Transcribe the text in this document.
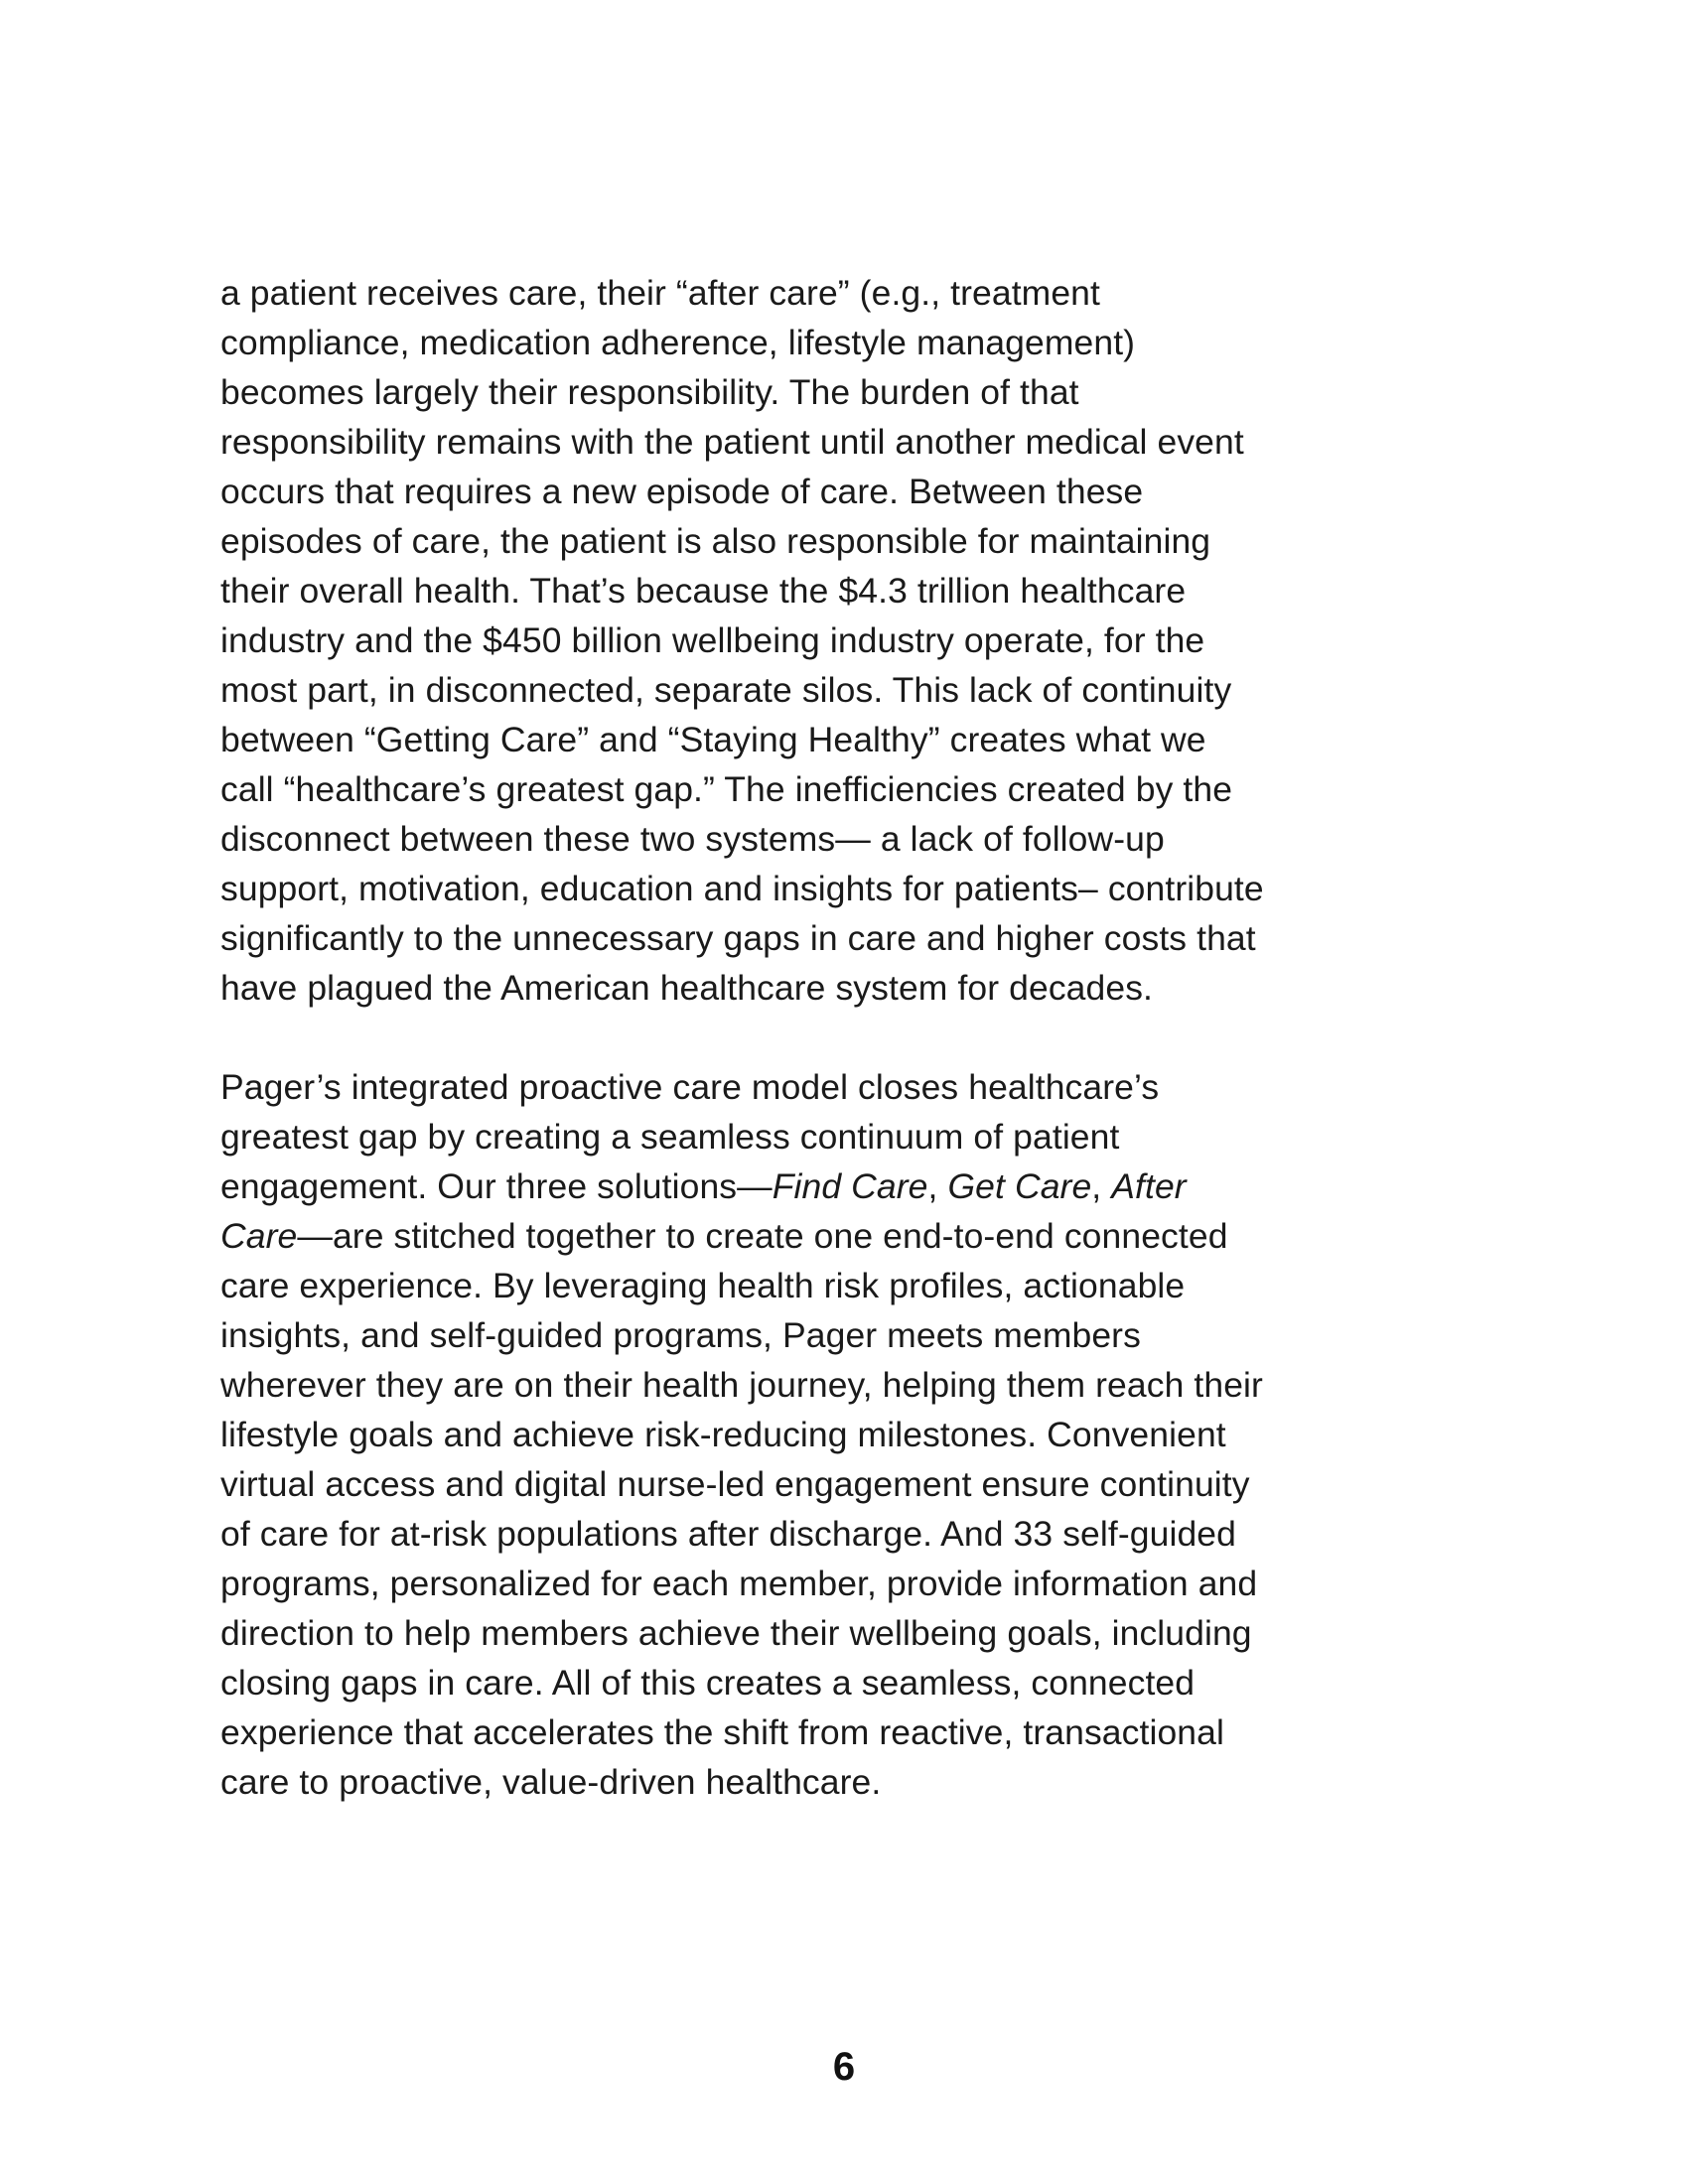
a patient receives care, their “after care” (e.g., treatment
compliance, medication adherence, lifestyle management)
becomes largely their responsibility. The burden of that
responsibility remains with the patient until another medical event
occurs that requires a new episode of care. Between these
episodes of care, the patient is also responsible for maintaining
their overall health. That’s because the $4.3 trillion healthcare
industry and the $450 billion wellbeing industry operate, for the
most part, in disconnected, separate silos. This lack of continuity
between “Getting Care” and “Staying Healthy” creates what we
call “healthcare’s greatest gap.” The inefficiencies created by the
disconnect between these two systems— a lack of follow-up
support, motivation, education and insights for patients– contribute
significantly to the unnecessary gaps in care and higher costs that
have plagued the American healthcare system for decades.

Pager’s integrated proactive care model closes healthcare’s
greatest gap by creating a seamless continuum of patient
engagement. Our three solutions—Find Care, Get Care, After
Care—are stitched together to create one end-to-end connected
care experience. By leveraging health risk profiles, actionable
insights, and self-guided programs, Pager meets members
wherever they are on their health journey, helping them reach their
lifestyle goals and achieve risk-reducing milestones. Convenient
virtual access and digital nurse-led engagement ensure continuity
of care for at-risk populations after discharge. And 33 self-guided
programs, personalized for each member, provide information and
direction to help members achieve their wellbeing goals, including
closing gaps in care. All of this creates a seamless, connected
experience that accelerates the shift from reactive, transactional
care to proactive, value-driven healthcare.

6
